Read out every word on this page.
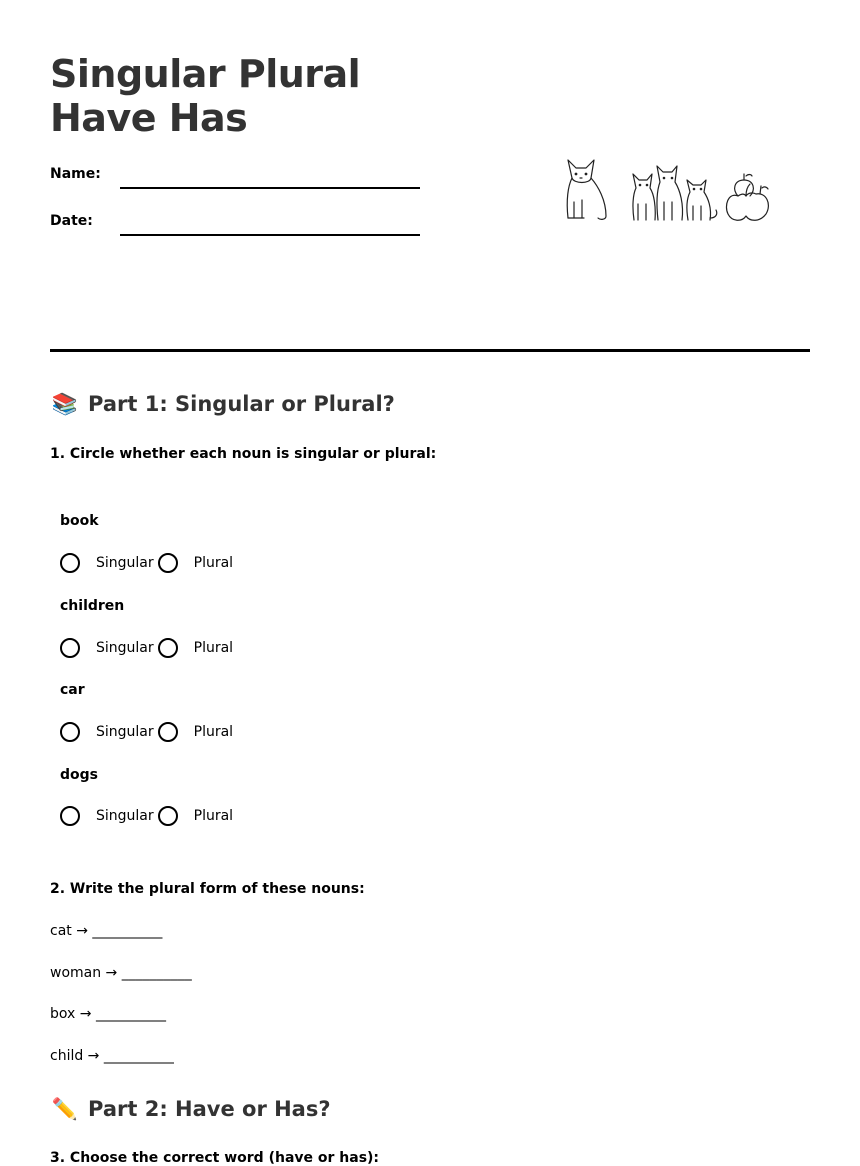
Singular Plural Have Has
Name:
Date:
📚 Part 1: Singular or Plural?
1. Circle whether each noun is singular or plural:
book
Singular	Plural
children
Singular	Plural
car
Singular	Plural
dogs
Singular	Plural
2. Write the plural form of these nouns:
cat → __________
woman → __________
box → __________
child → __________
✏️ Part 2: Have or Has?
3. Choose the correct word (have or has):
